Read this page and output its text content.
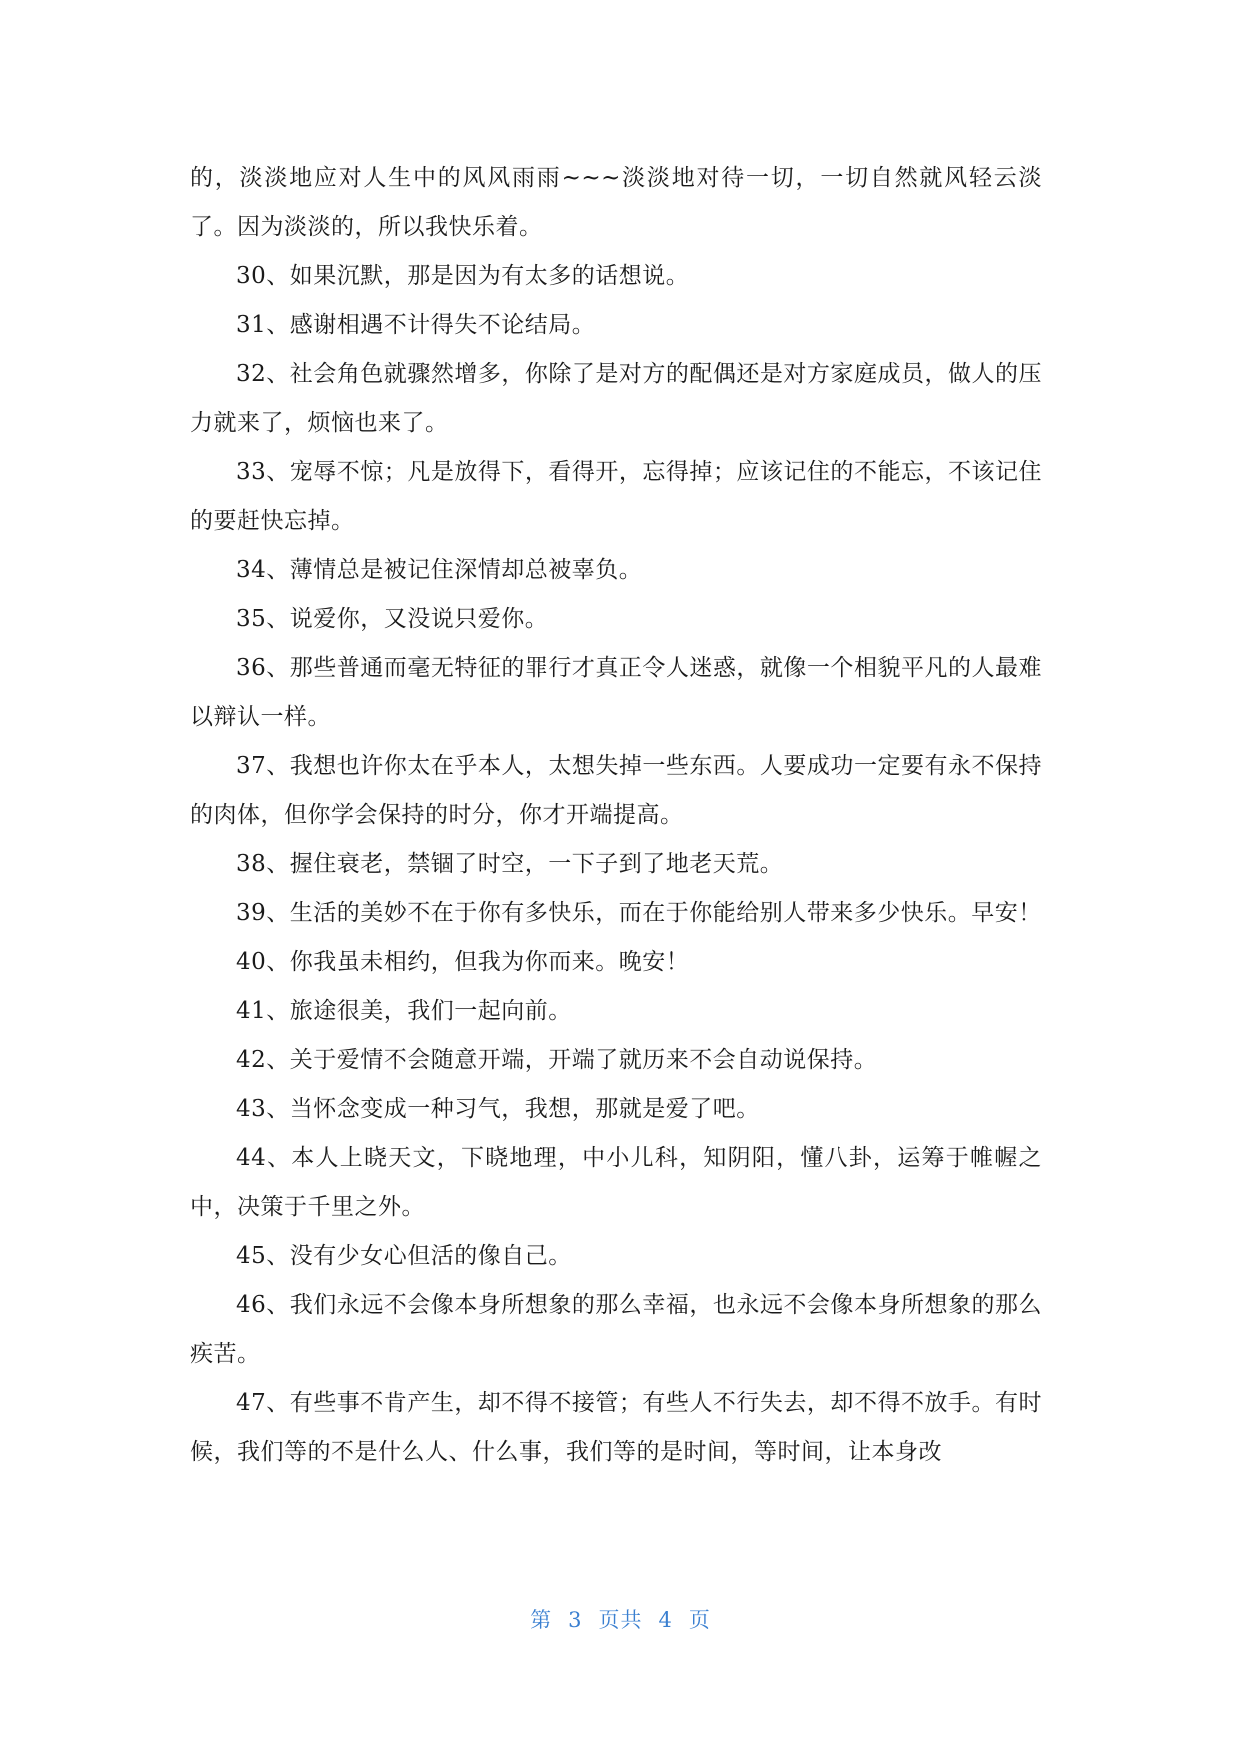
的，淡淡地应对人生中的风风雨雨~~~淡淡地对待一切，一切自然就风轻云淡了。因为淡淡的，所以我快乐着。

30、如果沉默，那是因为有太多的话想说。

31、感谢相遇不计得失不论结局。

32、社会角色就骤然增多，你除了是对方的配偶还是对方家庭成员，做人的压力就来了，烦恼也来了。

33、宠辱不惊；凡是放得下，看得开，忘得掉；应该记住的不能忘，不该记住的要赶快忘掉。

34、薄情总是被记住深情却总被辜负。

35、说爱你，又没说只爱你。

36、那些普通而毫无特征的罪行才真正令人迷惑，就像一个相貌平凡的人最难以辩认一样。

37、我想也许你太在乎本人，太想失掉一些东西。人要成功一定要有永不保持的肉体，但你学会保持的时分，你才开端提高。

38、握住衰老，禁锢了时空，一下子到了地老天荒。

39、生活的美妙不在于你有多快乐，而在于你能给别人带来多少快乐。早安！

40、你我虽未相约，但我为你而来。晚安！

41、旅途很美，我们一起向前。

42、关于爱情不会随意开端，开端了就历来不会自动说保持。

43、当怀念变成一种习气，我想，那就是爱了吧。

44、本人上晓天文，下晓地理，中小儿科，知阴阳，懂八卦，运筹于帷幄之中，决策于千里之外。

45、没有少女心但活的像自己。

46、我们永远不会像本身所想象的那么幸福，也永远不会像本身所想象的那么疾苦。

47、有些事不肯产生，却不得不接管；有些人不行失去，却不得不放手。有时候，我们等的不是什么人、什么事，我们等的是时间，等时间，让本身改

第 3 页共 4 页
